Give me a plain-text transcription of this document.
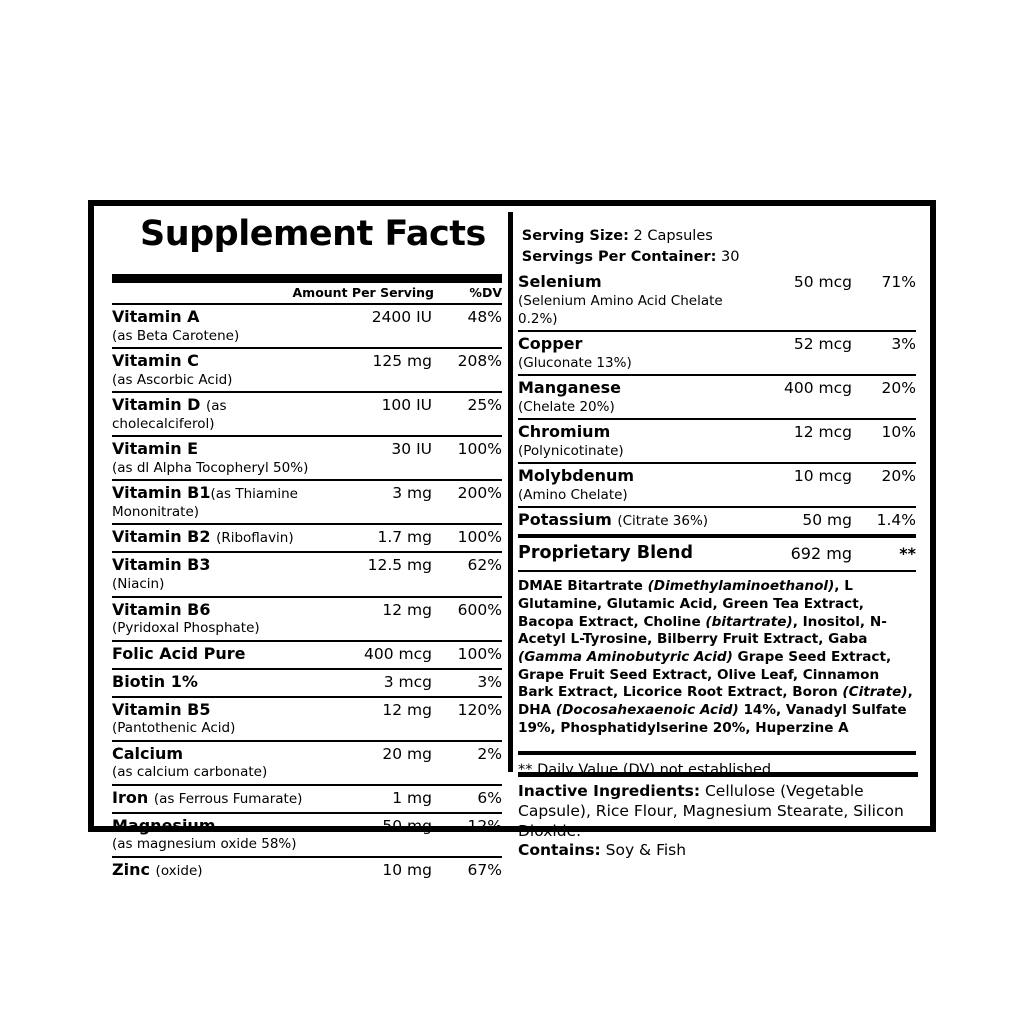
Supplement Facts Serving Size: 2 Capsules
Servings Per Container: 30
Amount Per Serving	%DV
Vitamin A
(as Beta Carotene)
2400 IU	48%
Vitamin C
(as Ascorbic Acid)
125 mg	208%
Vitamin D (as cholecalciferol)
100 IU	25%
Vitamin E
(as dl Alpha Tocopheryl 50%)
30 IU	100%
Vitamin B1(as Thiamine Mononitrate)
3 mg	200%
Vitamin B2 (Riboflavin)	1.7 mg	100%
Vitamin B3
(Niacin)
12.5 mg	62%
Vitamin B6
(Pyridoxal Phosphate)
12 mg	600%
Folic Acid Pure	400 mcg	100%
Biotin 1%	3 mcg	3%
Vitamin B5
(Pantothenic Acid)
12 mg	120%
Calcium
(as calcium carbonate)
20 mg	2%
Iron (as Ferrous Fumarate)	1 mg	6%
Magnesium
(as magnesium oxide 58%)
50 mg	12%
Zinc (oxide)	10 mg	67%
Selenium
(Selenium Amino Acid Chelate 0.2%)
50 mcg	71%
Copper
(Gluconate 13%)
52 mcg	3%
Manganese
(Chelate 20%)
400 mcg	20%
Chromium
(Polynicotinate)
12 mcg	10%
Molybdenum
(Amino Chelate)
10 mcg	20%
Potassium (Citrate 36%)	50 mg	1.4%
Proprietary Blend	692 mg	**
DMAE Bitartrate (Dimethylaminoethanol), L Glutamine, Glutamic Acid, Green Tea Extract, Bacopa Extract, Choline (bitartrate), Inositol, N-Acetyl L-Tyrosine, Bilberry Fruit Extract, Gaba (Gamma Aminobutyric Acid) Grape Seed Extract, Grape Fruit Seed Extract, Olive Leaf, Cinnamon Bark Extract, Licorice Root Extract, Boron (Citrate), DHA (Docosahexaenoic Acid) 14%, Vanadyl Sulfate 19%, Phosphatidylserine 20%, Huperzine A
** Daily Value (DV) not established
Inactive Ingredients: Cellulose (Vegetable Capsule), Rice Flour, Magnesium Stearate, Silicon Dioxide.
Contains: Soy & Fish
